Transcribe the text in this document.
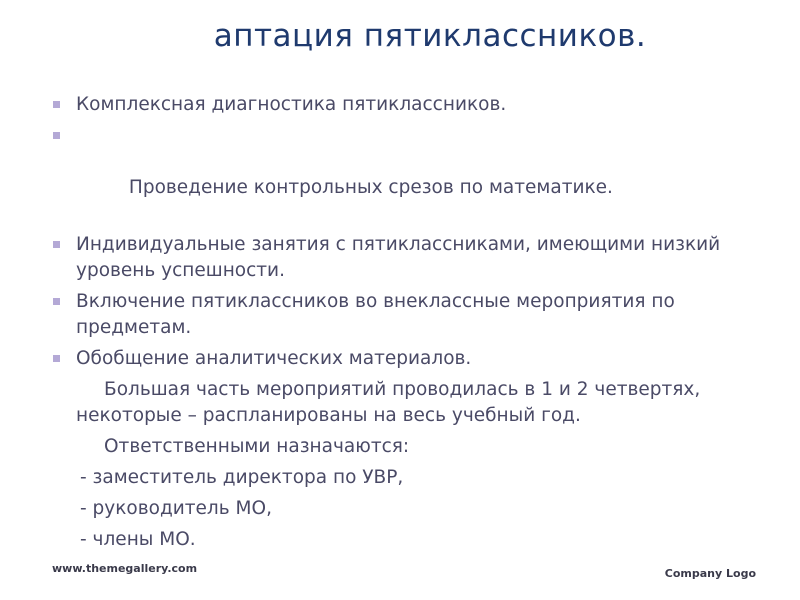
аптация пятиклассников.
Комплексная диагностика пятиклассников.

Проведение контрольных срезов по математике.

Индивидуальные занятия с пятиклассниками, имеющими низкий уровень успешности.
Включение пятиклассников во внеклассные мероприятия по предметам.
Обобщение аналитических материалов.

Большая часть мероприятий проводилась в 1 и 2 четвертях, некоторые – распланированы на весь учебный год.

Ответственными назначаются:

- заместитель директора по УВР,

- руководитель МО,

- члены МО.

www.themegallery.com	Company Logo
